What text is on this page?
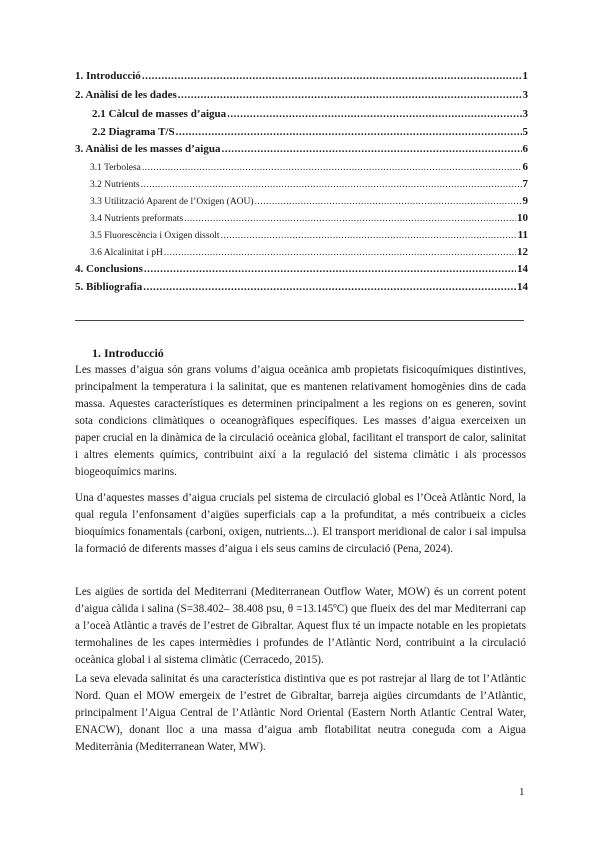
1. Introducció .....	1
2. Anàlisi de les dades .....	3
2.1 Càlcul de masses d’aigua .....	3
2.2 Diagrama T/S .....	5
3. Anàlisi de les masses d’aigua .....	6
3.1 Terbolesa .....	6
3.2 Nutrients .....	7
3.3 Utilització Aparent de l’Oxigen (AOU) .....	9
3.4 Nutrients preformats .....	10
3.5 Fluorescència i Oxigen dissolt .....	11
3.6 Alcalinitat i pH .....	12
4. Conclusions .....	14
5. Bibliografia .....	14
1. Introducció

Les masses d’aigua són grans volums d’aigua oceànica amb propietats fisicoquímiques distintives, principalment la temperatura i la salinitat, que es mantenen relativament homogènies dins de cada massa. Aquestes característiques es determinen principalment a les regions on es generen, sovint sota condicions climàtiques o oceanogràfiques específiques. Les masses d’aigua exerceixen un paper crucial en la dinàmica de la circulació oceànica global, facilitant el transport de calor, salinitat i altres elements químics, contribuint així a la regulació del sistema climàtic i als processos biogeoquímics marins.

Una d’aquestes masses d’aigua crucials pel sistema de circulació global es l’Oceà Atlàntic Nord, la qual regula l’enfonsament d’aigües superficials cap a la profunditat, a més contribueix a cicles bioquímics fonamentals (carboni, oxigen, nutrients...). El transport meridional de calor i sal impulsa la formació de diferents masses d’aigua i els seus camins de circulació (Pena, 2024).

Les aigües de sortida del Mediterrani (Mediterranean Outflow Water, MOW) és un corrent potent d’aigua càlida i salina (S=38.402– 38.408 psu, θ =13.145ºC) que flueix des del mar Mediterrani cap a l’oceà Atlàntic a través de l’estret de Gibraltar. Aquest flux té un impacte notable en les propietats termohalines de les capes intermèdies i profundes de l’Atlàntic Nord, contribuint a la circulació oceànica global i al sistema climàtic (Cerracedo, 2015).

La seva elevada salinitat és una característica distintiva que es pot rastrejar al llarg de tot l’Atlàntic Nord. Quan el MOW emergeix de l’estret de Gibraltar, barreja aigües circumdants de l’Atlàntic, principalment l’Aigua Central de l’Atlàntic Nord Oriental (Eastern North Atlantic Central Water, ENACW), donant lloc a una massa d’aigua amb flotabilitat neutra coneguda com a Aigua Mediterrània (Mediterranean Water, MW).

1
